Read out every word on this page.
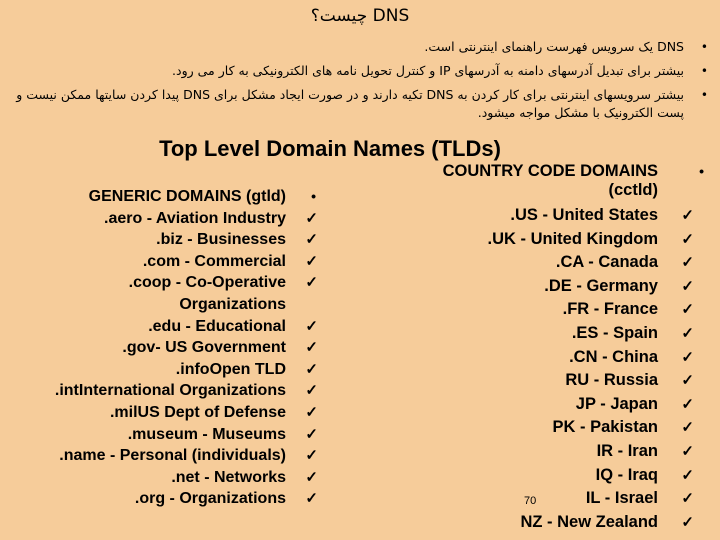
DNS چیست؟
•
DNS یک سرویس فهرست راهنمای اینترنتی است.
•
بیشتر برای تبدیل آدرسهای دامنه به آدرسهای IP و کنترل تحویل نامه های الکترونیکی به کار می رود.
•
بیشتر سرویسهای اینترنتی برای کار کردن به DNS تکیه دارند و در صورت ایجاد مشکل برای DNS پیدا کردن سایتها ممکن نیست و پست الکترونیک با مشکل مواجه میشود.
Top Level Domain Names (TLDs)
•
GENERIC DOMAINS (gtld)
✓
.aero - Aviation Industry
✓
.biz - Businesses
✓
.com - Commercial
✓
.coop - Co-Operative Organizations
✓
.edu - Educational
✓
.gov- US Government
✓
.infoOpen TLD
✓
.intInternational Organizations
✓
.milUS Dept of Defense
✓
.museum - Museums
✓
.name - Personal (individuals)
✓
.net - Networks
✓
.org - Organizations
•
COUNTRY CODE DOMAINS (cctld)
✓
.US - United States
✓
.UK - United Kingdom
✓
.CA - Canada
✓
.DE - Germany
✓
.FR - France
✓
.ES - Spain
✓
.CN - China
✓
RU - Russia
✓
JP - Japan
✓
PK - Pakistan
✓
IR - Iran
✓
IQ - Iraq
✓
IL - Israel
✓
NZ - New Zealand
70
